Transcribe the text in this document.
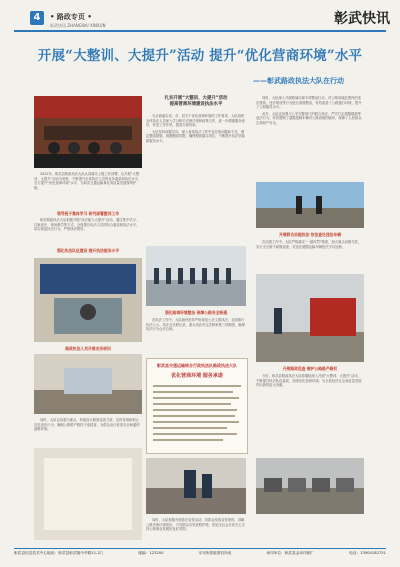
4	• 路政专页 •
彰武快讯 ZHANGWU XINXUN	彰武快讯
开展“大整训、大提升”活动 提升“优化营商环境”水平
——彰武路政执法大队在行动

2022年，彰武县路政执法大队认真落实上级工作部署，以开展“大整训、大提升”活动为契机，不断提升全体执法人员的业务素质和执法水平，全力提升“优化营商环境”水平，为彰武交通运输事业高质量发展保驾护航。

领导班子集体学习 研究部署整训工作

彰武路政执法大队积极开展“执法能力大提升”活动，通过集中学习、以案说法、现场教学等方式，全面提升执法人员的综合素质和执法水平，切实规范执法行为，严格执法程序。

强化执法队伍建设 提升执法服务水平
路政执法人员开展业务培训

同时，大队以治超为重点，持续加大路面巡查力度，及时发现和制止各类违法行为，确保公路路产路权不受侵害，为群众出行营造安全畅通的道路环境。

扎实开展“大整训、大提升”活动
提高营商环境建设执法水平

为全面落实省、市、县关于优化营商环境的工作要求，大队组织全体执法人员深入学习相关法律法规和政策文件，进一步增强服务意识，转变工作作风，提高办事效率。

大队坚持问题导向，深入查找执法工作中存在的问题和不足，制定整改措施，明确整改时限，确保整改落实到位，不断提升执法效能和服务水平。

强化路域环境整治 保障公路安全畅通

在执法工作中，大队始终坚持严格规范公正文明执法，全面推行执法公示、执法全过程记录、重大执法决定法制审核三项制度，确保执法行为合法合规。

彰武县交通运输综合行政执法队路政执法大队
优化营商环境 服务承诺

同时，大队积极开展普法宣传活动，向群众发放宣传资料，讲解公路法律法规知识，引导群众自觉爱路护路，营造全社会共同关心支持公路事业发展的良好氛围。

同时，大队深入开展路域环境专项整治行动，对公路用地范围内的违法建筑、违法堆放等行为进行清理整治，有效改善了公路通行环境，提升了公路服务水平。

此外，大队还加强与公安交警部门的联合执法，严厉打击超限超载等违法行为，有效遏制了超限超载车辆对公路设施的破坏，保障了人民群众生命财产安全。

开展联合治超执法 依法查处违法车辆

在治超工作中，大队严格落实“一超四罚”制度，加大源头治理力度，实行全天候不间断巡查，对违法超限运输车辆依法予以处理。

开展路政巡查 维护公路路产路权

今后，彰武县路政执法大队将继续深入开展“大整训、大提升”活动，不断提升执法队伍素质，持续优化营商环境，为全县经济社会高质量发展作出新的更大贡献。

彰武县信息技术中心地址：彰武县彰武镇中华路11-2门	邮编：123200	本刊所排版准权所用	承印单位：彰武县金阜印刷厂	电话：13904182751
